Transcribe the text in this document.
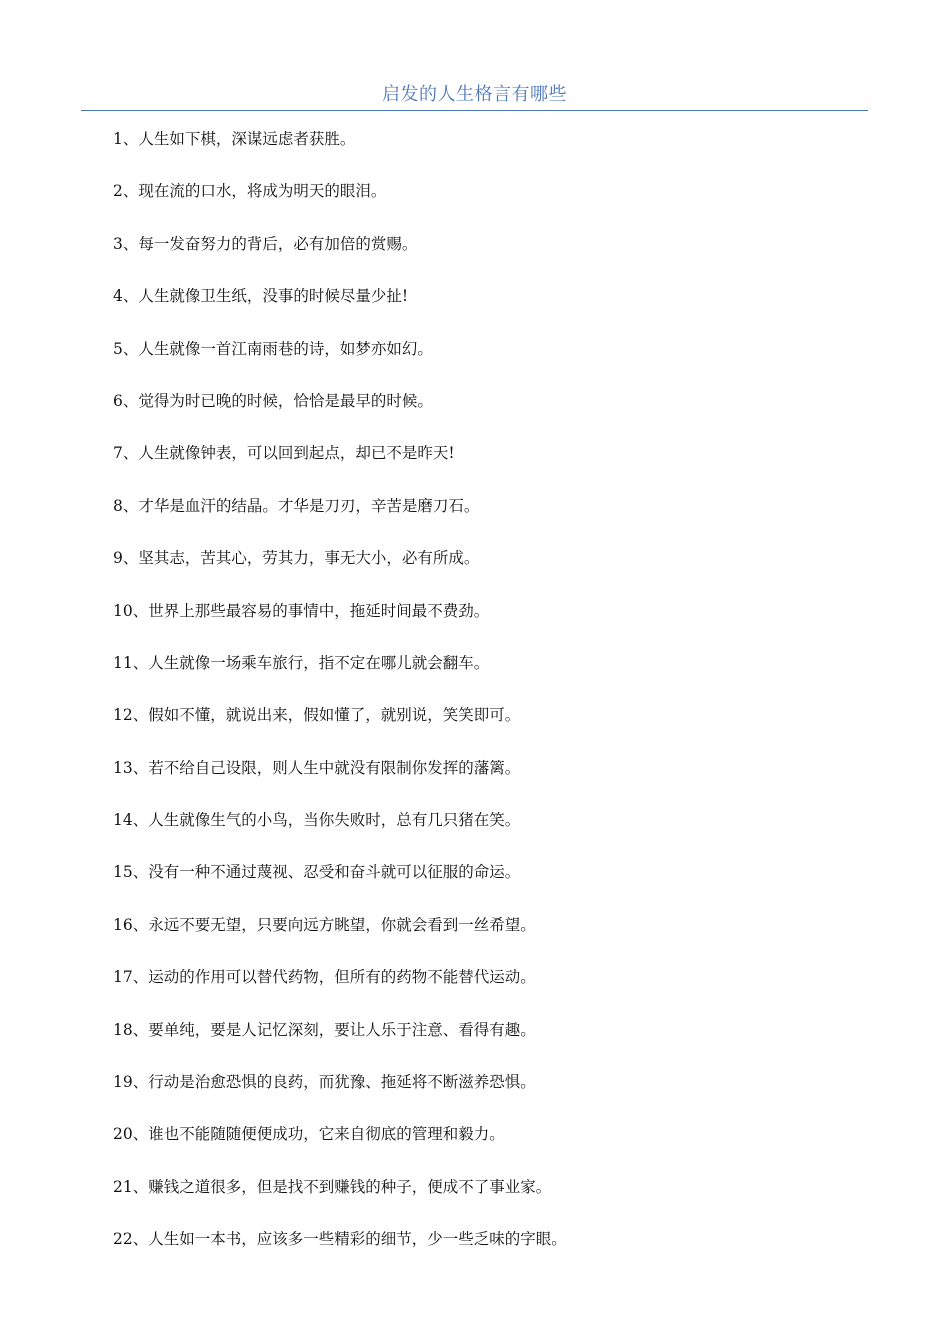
启发的人生格言有哪些
1、人生如下棋，深谋远虑者获胜。
2、现在流的口水，将成为明天的眼泪。
3、每一发奋努力的背后，必有加倍的赏赐。
4、人生就像卫生纸，没事的时候尽量少扯!
5、人生就像一首江南雨巷的诗，如梦亦如幻。
6、觉得为时已晚的时候，恰恰是最早的时候。
7、人生就像钟表，可以回到起点，却已不是昨天!
8、才华是血汗的结晶。才华是刀刃，辛苦是磨刀石。
9、坚其志，苦其心，劳其力，事无大小，必有所成。
10、世界上那些最容易的事情中，拖延时间最不费劲。
11、人生就像一场乘车旅行，指不定在哪儿就会翻车。
12、假如不懂，就说出来，假如懂了，就别说，笑笑即可。
13、若不给自己设限，则人生中就没有限制你发挥的藩篱。
14、人生就像生气的小鸟，当你失败时，总有几只猪在笑。
15、没有一种不通过蔑视、忍受和奋斗就可以征服的命运。
16、永远不要无望，只要向远方眺望，你就会看到一丝希望。
17、运动的作用可以替代药物，但所有的药物不能替代运动。
18、要单纯，要是人记忆深刻，要让人乐于注意、看得有趣。
19、行动是治愈恐惧的良药，而犹豫、拖延将不断滋养恐惧。
20、谁也不能随随便便成功，它来自彻底的管理和毅力。
21、赚钱之道很多，但是找不到赚钱的种子，便成不了事业家。
22、人生如一本书，应该多一些精彩的细节，少一些乏味的字眼。
